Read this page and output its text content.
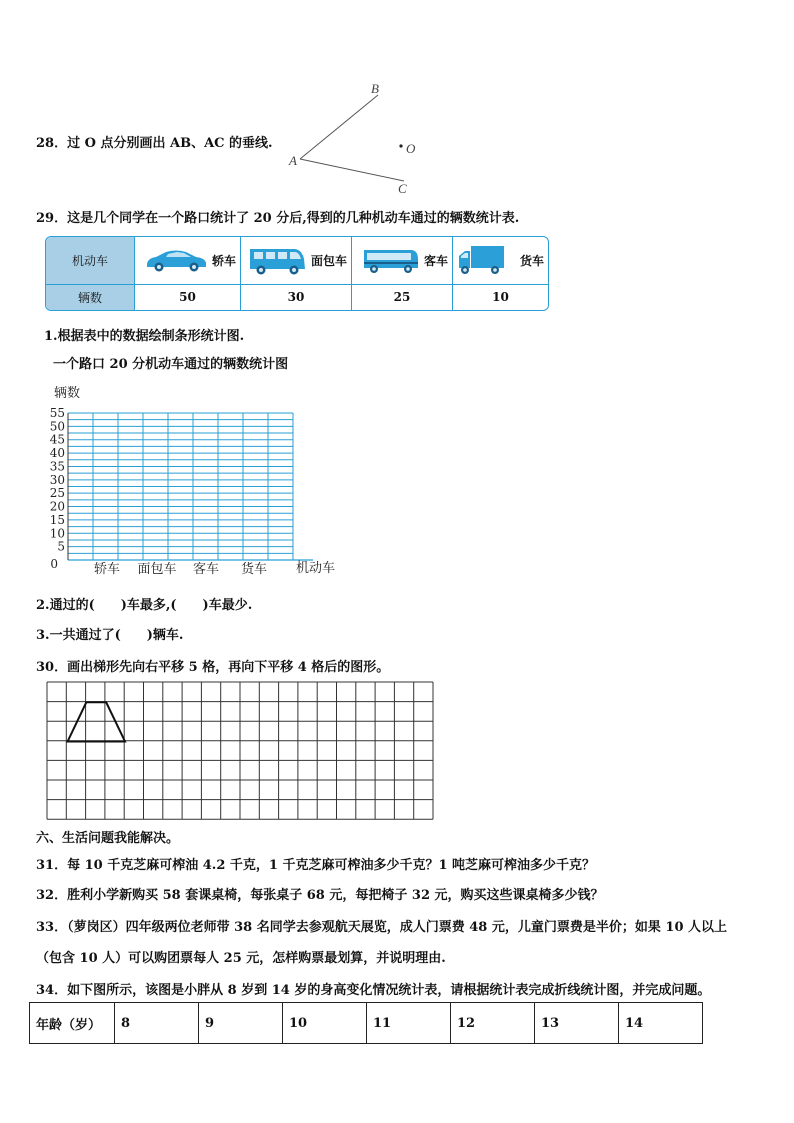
28．过 O 点分别画出 AB、AC 的垂线.
A
B
C
O
29．这是几个同学在一个路口统计了 20 分后,得到的几种机动车通过的辆数统计表.
机动车	轿车	面包车	客车	货车

辆数	50	30	25	10
1.根据表中的数据绘制条形统计图.
一个路口 20 分机动车通过的辆数统计图
0
5
10
15
20
25
30
35
40
45
50
55
轿车 面包车 客车 货车
辆数
机动车
2.通过的(　　)车最多,(　　)车最少.
3.一共通过了(　　)辆车.
30．画出梯形先向右平移 5 格，再向下平移 4 格后的图形。
六、生活问题我能解决。
31．每 10 千克芝麻可榨油 4.2 千克，1 千克芝麻可榨油多少千克？1 吨芝麻可榨油多少千克？
32．胜利小学新购买 58 套课桌椅，每张桌子 68 元，每把椅子 32 元，购买这些课桌椅多少钱？
33．（萝岗区）四年级两位老师带 38 名同学去参观航天展览，成人门票费 48 元，儿童门票费是半价；如果 10 人以上
（包含 10 人）可以购团票每人 25 元，怎样购票最划算，并说明理由.
34．如下图所示，该图是小胖从 8 岁到 14 岁的身高变化情况统计表，请根据统计表完成折线统计图，并完成问题。
年龄（岁）	8	9	10	11	12	13	14
